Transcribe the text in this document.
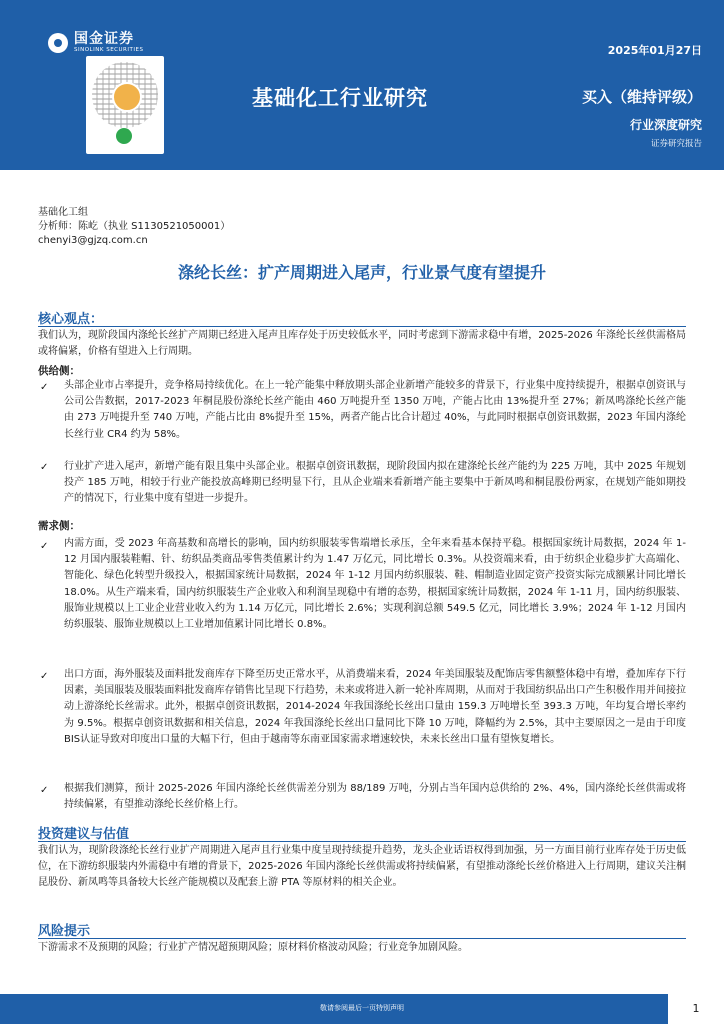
国金证券
SINOLINK SECURITIES	2025年01月27日
基础化工行业研究	买入（维持评级）
行业深度研究
证券研究报告
基础化工组
分析师：陈屹（执业 S1130521050001）
chenyi3@gjzq.com.cn
涤纶长丝：扩产周期进入尾声，行业景气度有望提升
核心观点：

我们认为，现阶段国内涤纶长丝扩产周期已经进入尾声且库存处于历史较低水平，同时考虑到下游需求稳中有增，2025-2026 年涤纶长丝供需格局或将偏紧，价格有望进入上行周期。

供给侧：
✓ 头部企业市占率提升，竞争格局持续优化。在上一轮产能集中释放期头部企业新增产能较多的背景下，行业集中度持续提升，根据卓创资讯与公司公告数据，2017-2023 年桐昆股份涤纶长丝产能由 460 万吨提升至 1350 万吨，产能占比由 13%提升至 27%；新凤鸣涤纶长丝产能由 273 万吨提升至 740 万吨，产能占比由 8%提升至 15%，两者产能占比合计超过 40%，与此同时根据卓创资讯数据，2023 年国内涤纶长丝行业 CR4 约为 58%。

✓ 行业扩产进入尾声，新增产能有限且集中头部企业。根据卓创资讯数据，现阶段国内拟在建涤纶长丝产能约为 225 万吨，其中 2025 年规划投产 185 万吨，相较于行业产能投放高峰期已经明显下行，且从企业端来看新增产能主要集中于新凤鸣和桐昆股份两家，在规划产能如期投产的情况下，行业集中度有望进一步提升。

需求侧：
✓ 内需方面，受 2023 年高基数和高增长的影响，国内纺织服装零售端增长承压，全年来看基本保持平稳。根据国家统计局数据，2024 年 1-12 月国内服装鞋帽、针、纺织品类商品零售类值累计约为 1.47 万亿元，同比增长 0.3%。从投资端来看，由于纺织企业稳步扩大高端化、智能化、绿色化转型升级投入，根据国家统计局数据，2024 年 1-12 月国内纺织服装、鞋、帽制造业固定资产投资实际完成额累计同比增长 18.0%。从生产端来看，国内纺织服装生产企业收入和利润呈现稳中有增的态势，根据国家统计局数据，2024 年 1-11 月，国内纺织服装、服饰业规模以上工业企业营业收入约为 1.14 万亿元，同比增长 2.6%；实现利润总额 549.5 亿元，同比增长 3.9%；2024 年 1-12 月国内纺织服装、服饰业规模以上工业增加值累计同比增长 0.8%。

✓ 出口方面，海外服装及面料批发商库存下降至历史正常水平，从消费端来看，2024 年美国服装及配饰店零售额整体稳中有增，叠加库存下行因素，美国服装及服装面料批发商库存销售比呈现下行趋势，未来或将进入新一轮补库周期，从而对于我国纺织品出口产生积极作用并间接拉动上游涤纶长丝需求。此外，根据卓创资讯数据，2014-2024 年我国涤纶长丝出口量由 159.3 万吨增长至 393.3 万吨，年均复合增长率约为 9.5%。根据卓创资讯数据和相关信息，2024 年我国涤纶长丝出口量同比下降 10 万吨，降幅约为 2.5%，其中主要原因之一是由于印度BIS认证导致对印度出口量的大幅下行，但由于越南等东南亚国家需求增速较快，未来长丝出口量有望恢复增长。

✓ 根据我们测算，预计 2025-2026 年国内涤纶长丝供需差分别为 88/189 万吨，分别占当年国内总供给的 2%、4%，国内涤纶长丝供需或将持续偏紧，有望推动涤纶长丝价格上行。

投资建议与估值

我们认为，现阶段涤纶长丝行业扩产周期进入尾声且行业集中度呈现持续提升趋势，龙头企业话语权得到加强，另一方面目前行业库存处于历史低位，在下游纺织服装内外需稳中有增的背景下，2025-2026 年国内涤纶长丝供需或将持续偏紧，有望推动涤纶长丝价格进入上行周期，建议关注桐昆股份、新凤鸣等具备较大长丝产能规模以及配套上游 PTA 等原材料的相关企业。

风险提示

下游需求不及预期的风险；行业扩产情况超预期风险；原材料价格波动风险；行业竞争加剧风险。

敬请参阅最后一页特别声明	1
